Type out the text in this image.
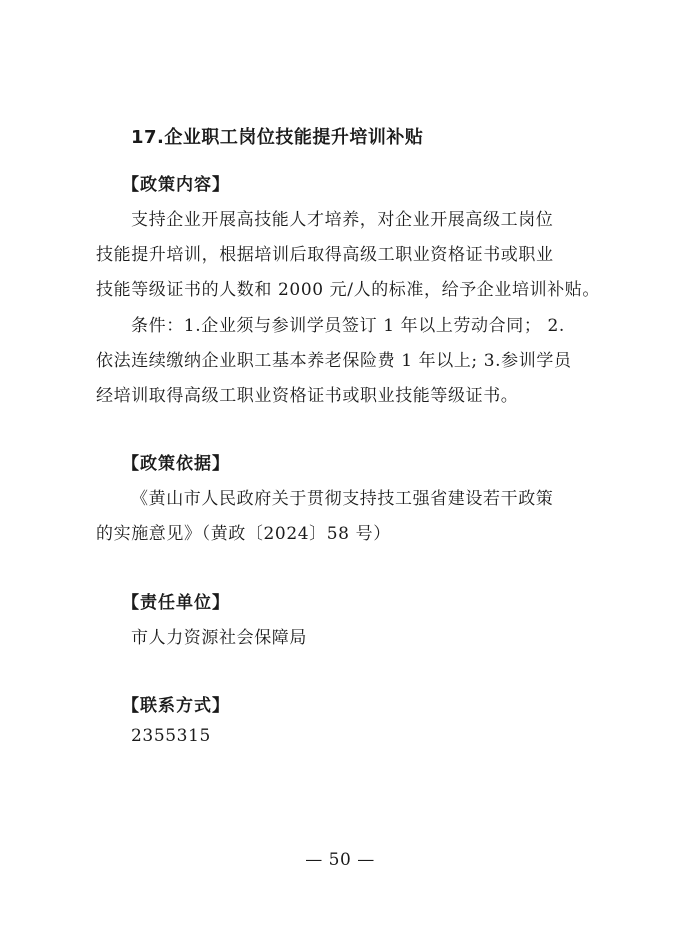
17.企业职工岗位技能提升培训补贴
【政策内容】
支持企业开展高技能人才培养，对企业开展高级工岗位
技能提升培训，根据培训后取得高级工职业资格证书或职业
技能等级证书的人数和 2000 元/人的标准，给予企业培训补贴。
条件：1.企业须与参训学员签订 1 年以上劳动合同； 2.
依法连续缴纳企业职工基本养老保险费 1 年以上; 3.参训学员
经培训取得高级工职业资格证书或职业技能等级证书。
【政策依据】
《黄山市人民政府关于贯彻支持技工强省建设若干政策
的实施意见》（黄政〔2024〕58 号）
【责任单位】
市人力资源社会保障局
【联系方式】
2355315
— 50 —
